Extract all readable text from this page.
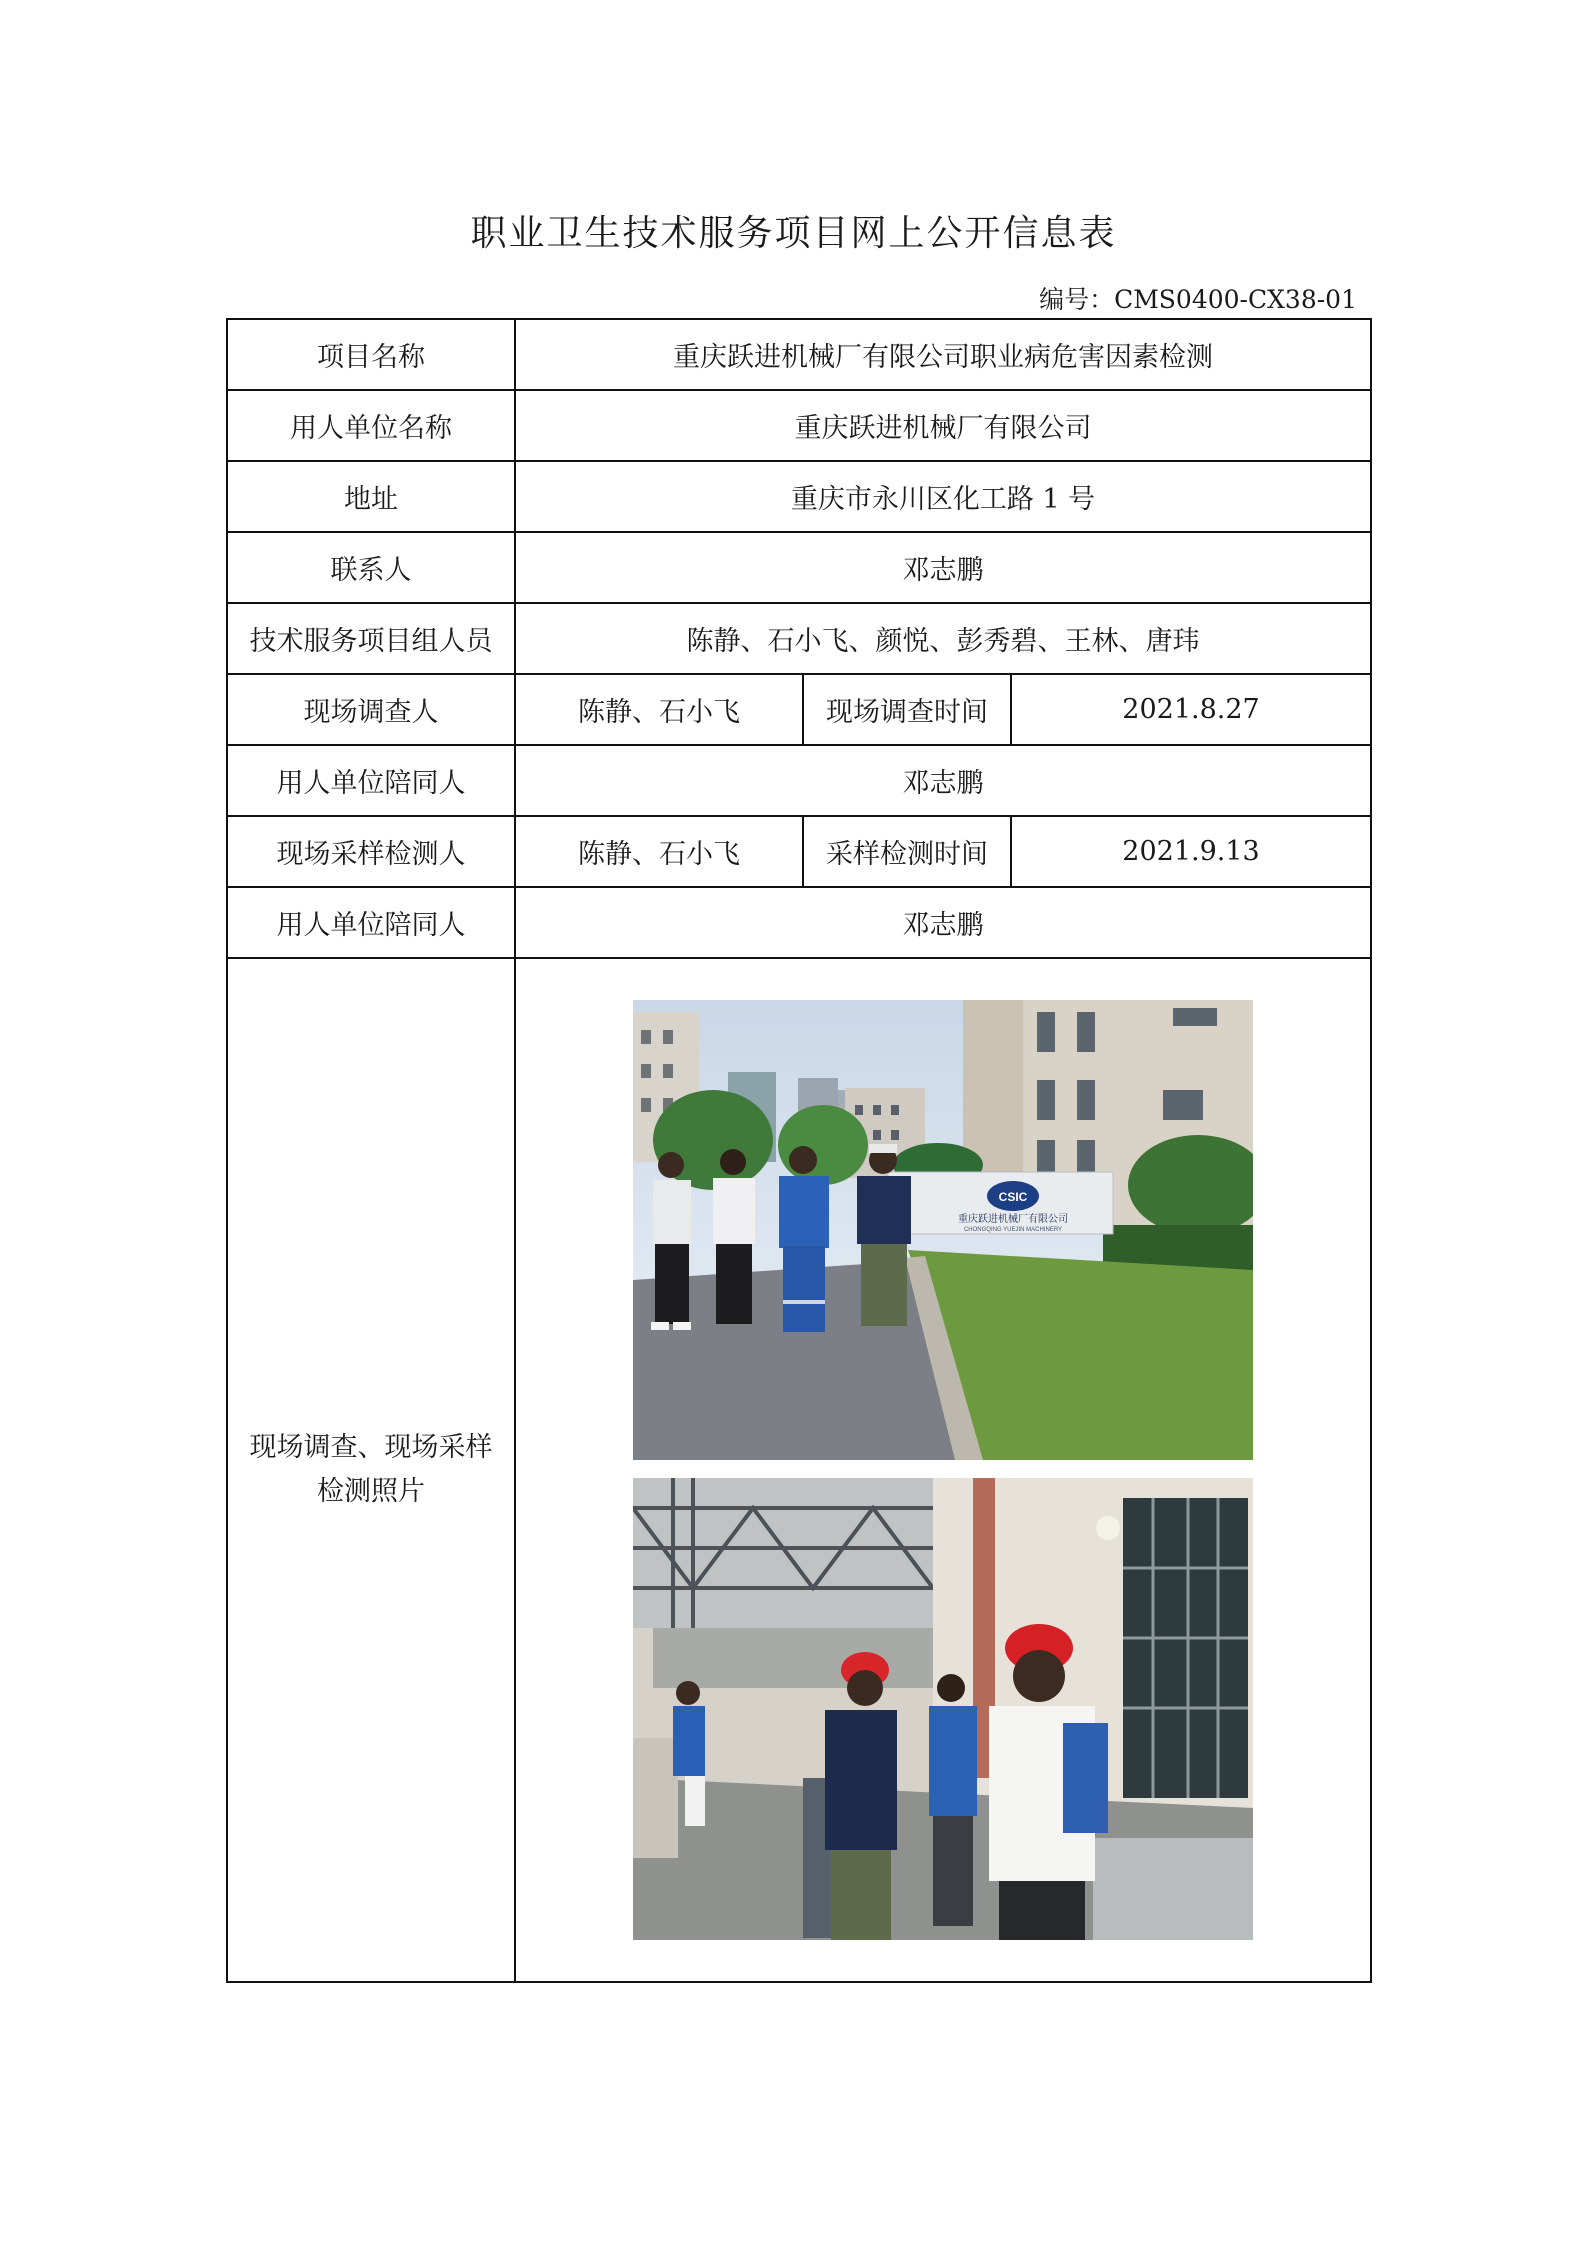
职业卫生技术服务项目网上公开信息表
编号：CMS0400-CX38-01
项目名称	重庆跃进机械厂有限公司职业病危害因素检测		
用人单位名称	重庆跃进机械厂有限公司		
地址	重庆市永川区化工路 1 号		
联系人	邓志鹏		
技术服务项目组人员	陈静、石小飞、颜悦、彭秀碧、王林、唐玮		
现场调查人	陈静、石小飞	现场调查时间	2021.8.27
用人单位陪同人	邓志鹏		
现场采样检测人	陈静、石小飞	采样检测时间	2021.9.13
用人单位陪同人	邓志鹏		
现场调查、现场采样
检测照片	CSIC
重庆跃进机械厂有限公司
CHONGQING YUEJIN MACHINERY		
